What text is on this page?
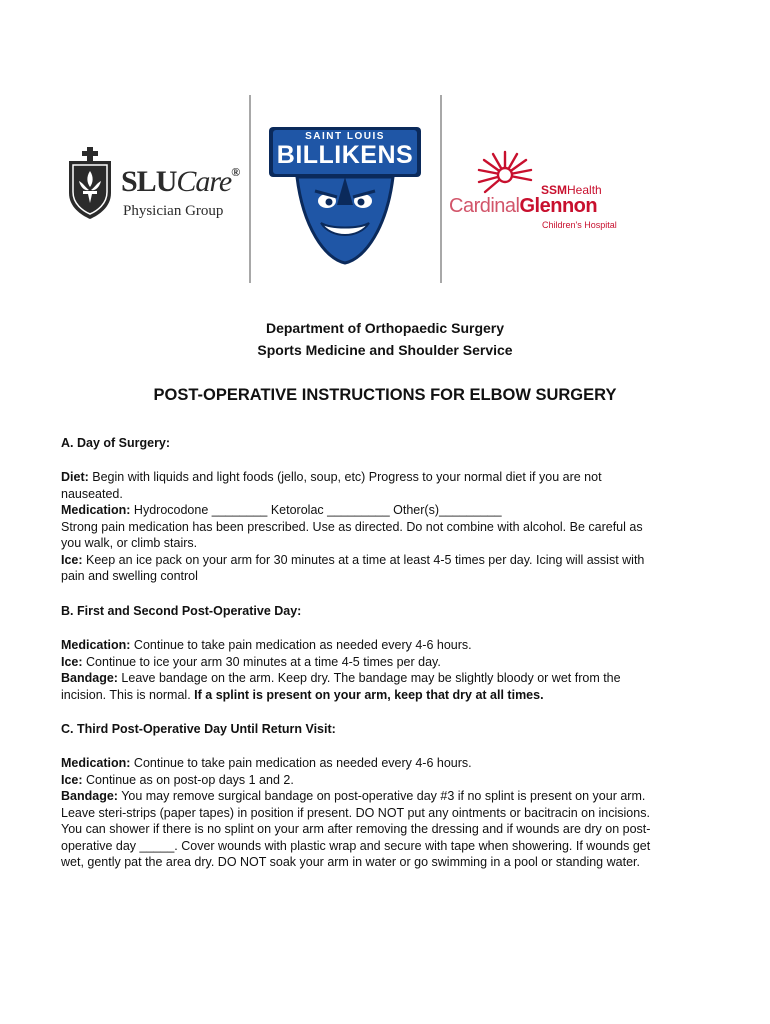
SLUCare®
Physician Group
SAINT LOUIS
BILLIKENS
SSMHealth
CardinalGlennon
Children's Hospital
Department of Orthopaedic Surgery
Sports Medicine and Shoulder Service
POST-OPERATIVE INSTRUCTIONS FOR ELBOW SURGERY
A. Day of Surgery:
Diet: Begin with liquids and light foods (jello, soup, etc) Progress to your normal diet if you are not
nauseated.
Medication: Hydrocodone ________ Ketorolac _________ Other(s)_________
Strong pain medication has been prescribed. Use as directed. Do not combine with alcohol. Be careful as
you walk, or climb stairs.
Ice: Keep an ice pack on your arm for 30 minutes at a time at least 4-5 times per day. Icing will assist with
pain and swelling control
B. First and Second Post-Operative Day:
Medication: Continue to take pain medication as needed every 4-6 hours.
Ice: Continue to ice your arm 30 minutes at a time 4-5 times per day.
Bandage: Leave bandage on the arm. Keep dry. The bandage may be slightly bloody or wet from the
incision. This is normal. If a splint is present on your arm, keep that dry at all times.
C. Third Post-Operative Day Until Return Visit:
Medication: Continue to take pain medication as needed every 4-6 hours.
Ice: Continue as on post-op days 1 and 2.
Bandage: You may remove surgical bandage on post-operative day #3 if no splint is present on your arm.
Leave steri-strips (paper tapes) in position if present. DO NOT put any ointments or bacitracin on incisions.
You can shower if there is no splint on your arm after removing the dressing and if wounds are dry on post-
operative day _____. Cover wounds with plastic wrap and secure with tape when showering. If wounds get
wet, gently pat the area dry. DO NOT soak your arm in water or go swimming in a pool or standing water.
